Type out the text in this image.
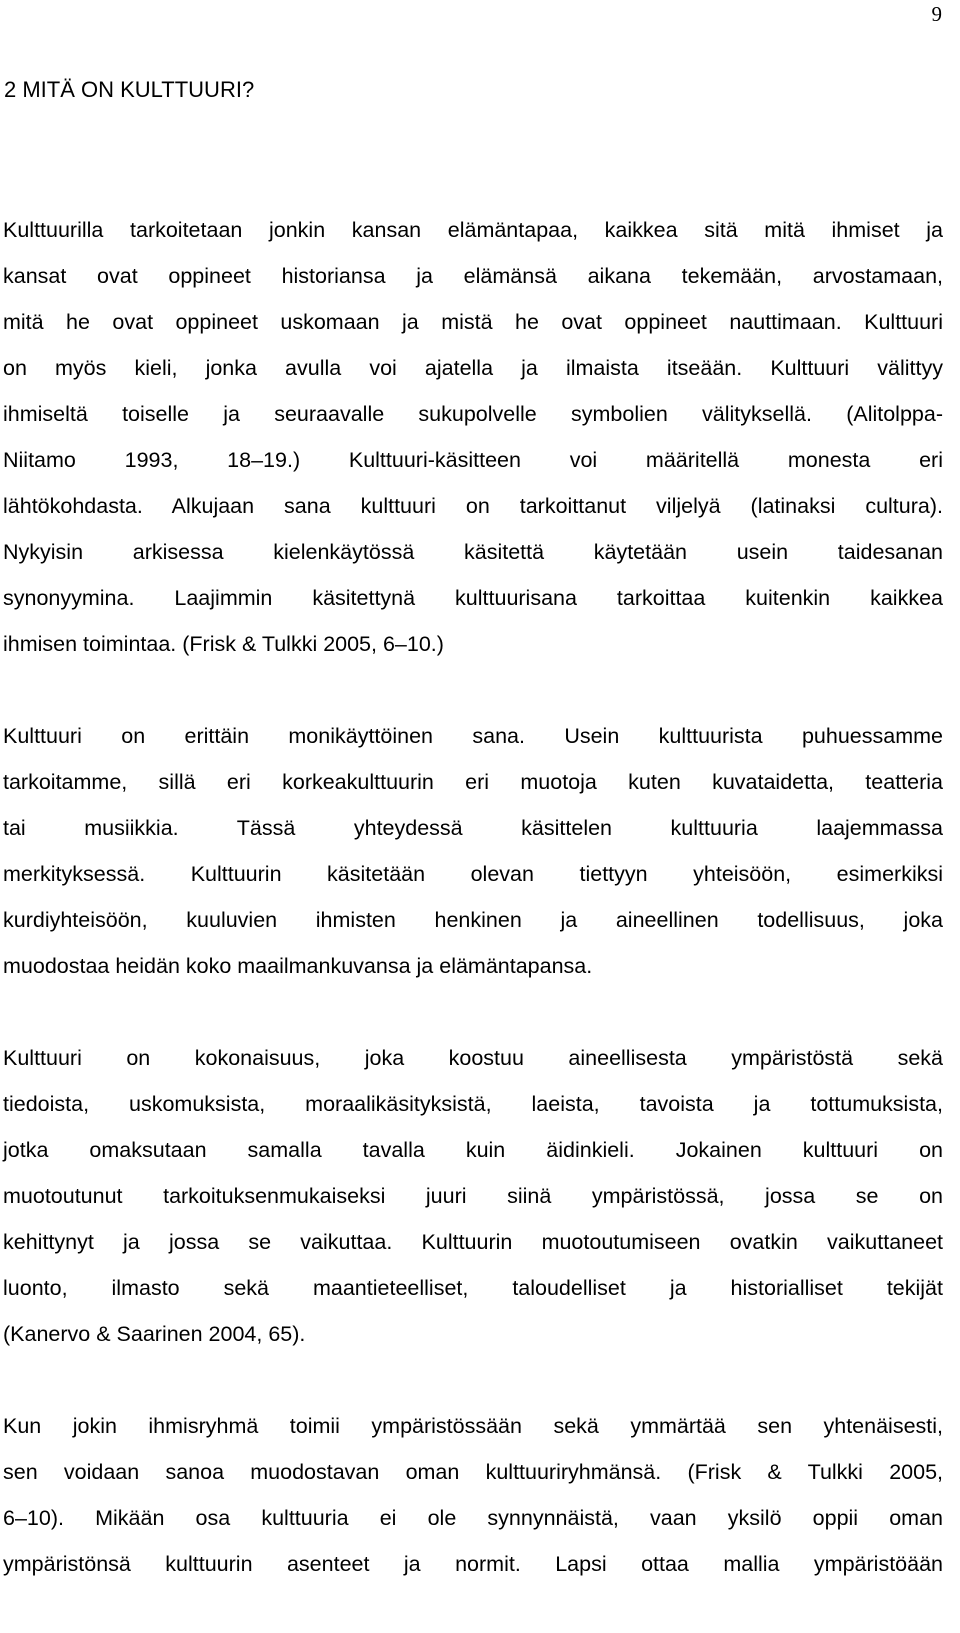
9
2 MITÄ ON KULTTUURI?
Kulttuurilla tarkoitetaan jonkin kansan elämäntapaa, kaikkea sitä mitä ihmiset ja
kansat ovat oppineet historiansa ja elämänsä aikana tekemään, arvostamaan,
mitä he ovat oppineet uskomaan ja mistä he ovat oppineet nauttimaan. Kulttuuri
on myös kieli, jonka avulla voi ajatella ja ilmaista itseään. Kulttuuri välittyy
ihmiseltä toiselle ja seuraavalle sukupolvelle symbolien välityksellä. (Alitolppa-
Niitamo 1993, 18–19.) Kulttuuri-käsitteen voi määritellä monesta eri
lähtökohdasta. Alkujaan sana kulttuuri on tarkoittanut viljelyä (latinaksi cultura).
Nykyisin arkisessa kielenkäytössä käsitettä käytetään usein taidesanan
synonyymina. Laajimmin käsitettynä kulttuurisana tarkoittaa kuitenkin kaikkea
ihmisen toimintaa. (Frisk & Tulkki 2005, 6–10.)
Kulttuuri on erittäin monikäyttöinen sana. Usein kulttuurista puhuessamme
tarkoitamme, sillä eri korkeakulttuurin eri muotoja kuten kuvataidetta, teatteria
tai musiikkia. Tässä yhteydessä käsittelen kulttuuria laajemmassa
merkityksessä. Kulttuurin käsitetään olevan tiettyyn yhteisöön, esimerkiksi
kurdiyhteisöön, kuuluvien ihmisten henkinen ja aineellinen todellisuus, joka
muodostaa heidän koko maailmankuvansa ja elämäntapansa.
Kulttuuri on kokonaisuus, joka koostuu aineellisesta ympäristöstä sekä
tiedoista, uskomuksista, moraalikäsityksistä, laeista, tavoista ja tottumuksista,
jotka omaksutaan samalla tavalla kuin äidinkieli. Jokainen kulttuuri on
muotoutunut tarkoituksenmukaiseksi juuri siinä ympäristössä, jossa se on
kehittynyt ja jossa se vaikuttaa. Kulttuurin muotoutumiseen ovatkin vaikuttaneet
luonto, ilmasto sekä maantieteelliset, taloudelliset ja historialliset tekijät
(Kanervo & Saarinen 2004, 65).
Kun jokin ihmisryhmä toimii ympäristössään sekä ymmärtää sen yhtenäisesti,
sen voidaan sanoa muodostavan oman kulttuuriryhmänsä. (Frisk & Tulkki 2005,
6–10). Mikään osa kulttuuria ei ole synnynnäistä, vaan yksilö oppii oman
ympäristönsä kulttuurin asenteet ja normit. Lapsi ottaa mallia ympäristöään
